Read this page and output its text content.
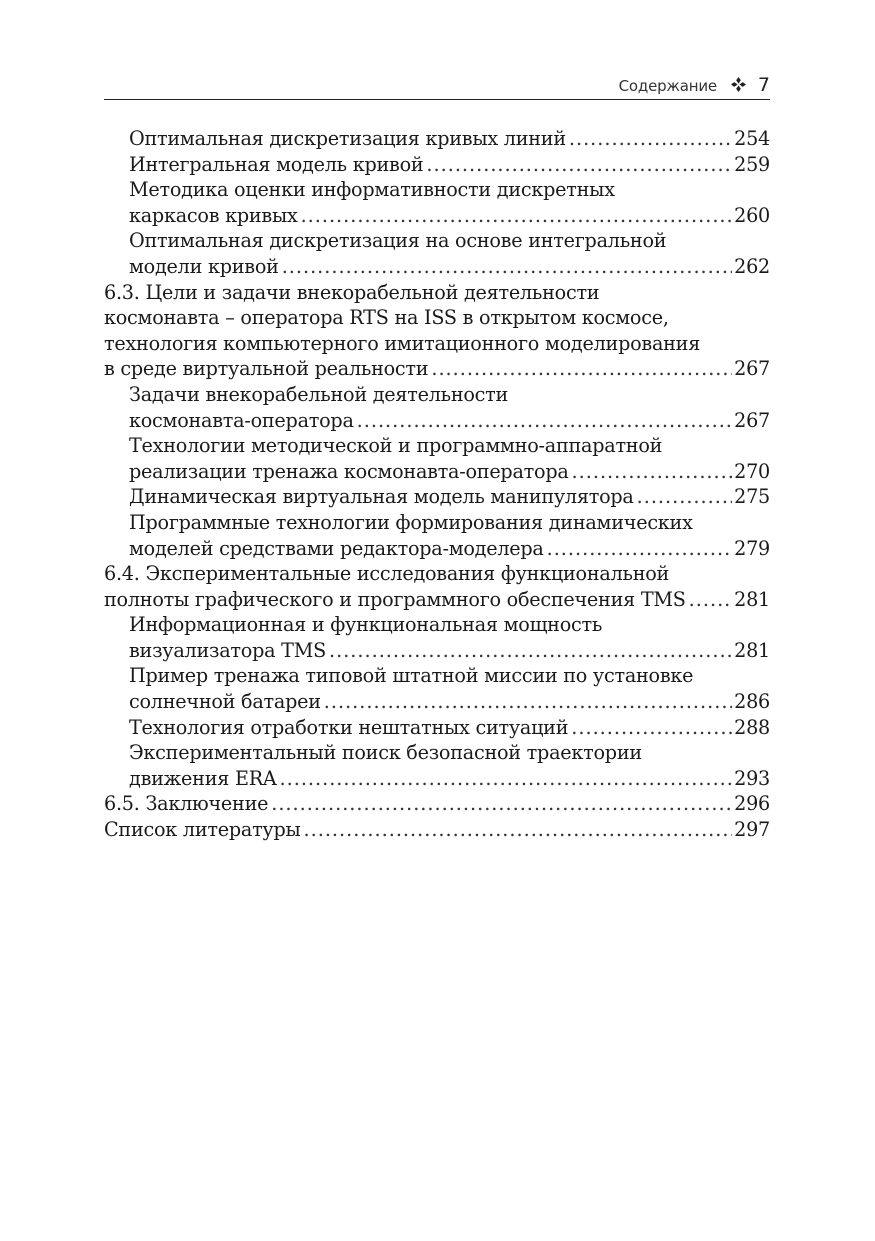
Содержание 7
Оптимальная дискретизация кривых линий .....	254
Интегральная модель кривой .....	259
Методика оценки информативности дискретных
каркасов кривых .....	260
Оптимальная дискретизация на основе интегральной
модели кривой .....	262
6.3. Цели и задачи внекорабельной деятельности
космонавта – оператора RTS на ISS в открытом космосе,
технология компьютерного имитационного моделирования
в среде виртуальной реальности .....	267
Задачи внекорабельной деятельности
космонавта-оператора .....	267
Технологии методической и программно-аппаратной
реализации тренажа космонавта-оператора .....	270
Динамическая виртуальная модель манипулятора .....	275
Программные технологии формирования динамических
моделей средствами редактора-моделера .....	279
6.4. Экспериментальные исследования функциональной
полноты графического и программного обеспечения TMS .....	281
Информационная и функциональная мощность
визуализатора TMS .....	281
Пример тренажа типовой штатной миссии по установке
солнечной батареи .....	286
Технология отработки нештатных ситуаций .....	288
Экспериментальный поиск безопасной траектории
движения ERA .....	293
6.5. Заключение .....	296
Список литературы .....	297
